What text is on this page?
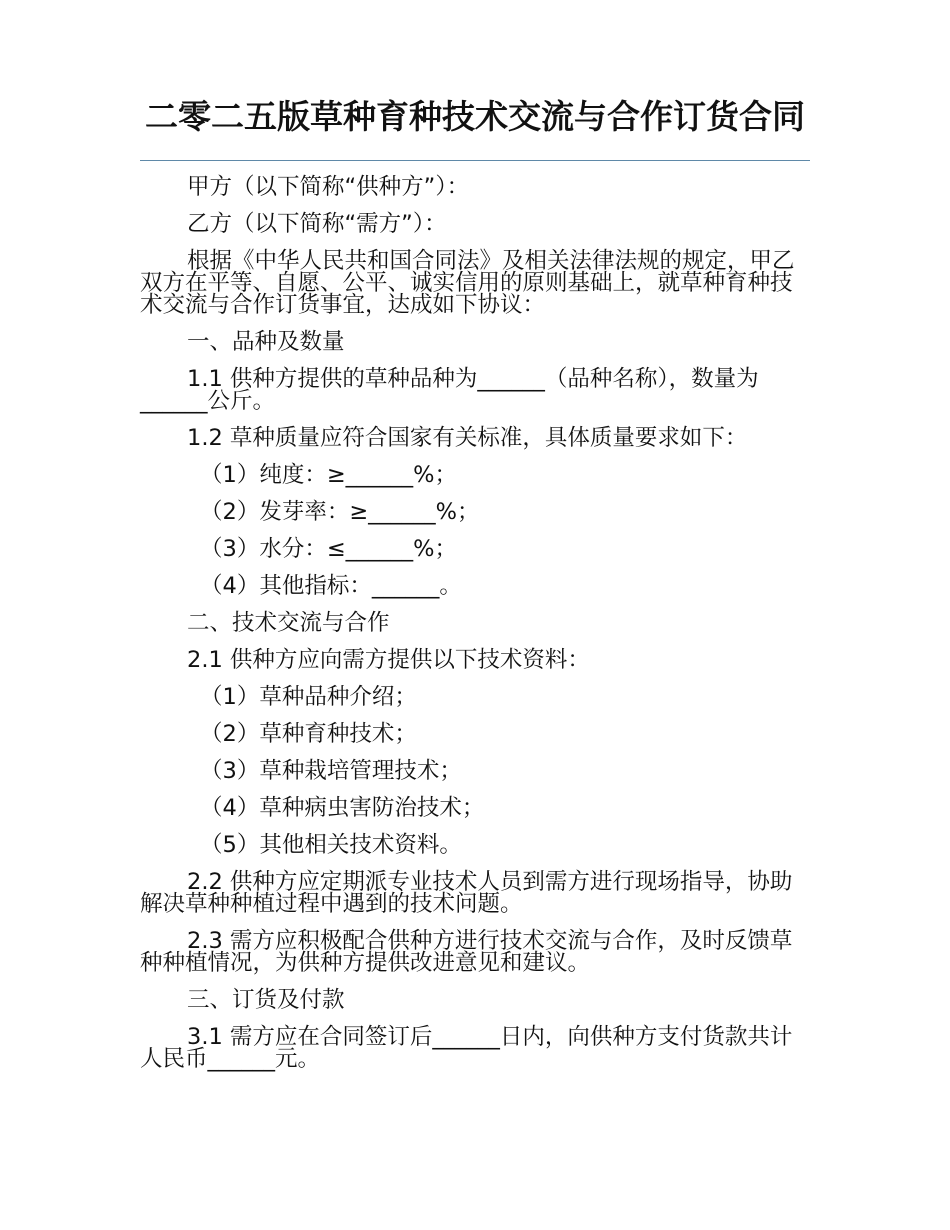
二零二五版草种育种技术交流与合作订货合同

甲方（以下简称“供种方”）：

乙方（以下简称“需方”）：

根据《中华人民共和国合同法》及相关法律法规的规定，甲乙双方在平等、自愿、公平、诚实信用的原则基础上，就草种育种技术交流与合作订货事宜，达成如下协议：

一、品种及数量

1.1 供种方提供的草种品种为______（品种名称），数量为______公斤。

1.2 草种质量应符合国家有关标准，具体质量要求如下：

（1）纯度：≥______%；

（2）发芽率：≥______%；

（3）水分：≤______%；

（4）其他指标：______。

二、技术交流与合作

2.1 供种方应向需方提供以下技术资料：

（1）草种品种介绍；

（2）草种育种技术；

（3）草种栽培管理技术；

（4）草种病虫害防治技术；

（5）其他相关技术资料。

2.2 供种方应定期派专业技术人员到需方进行现场指导，协助解决草种种植过程中遇到的技术问题。

2.3 需方应积极配合供种方进行技术交流与合作，及时反馈草种种植情况，为供种方提供改进意见和建议。

三、订货及付款

3.1 需方应在合同签订后______日内，向供种方支付货款共计人民币______元。
